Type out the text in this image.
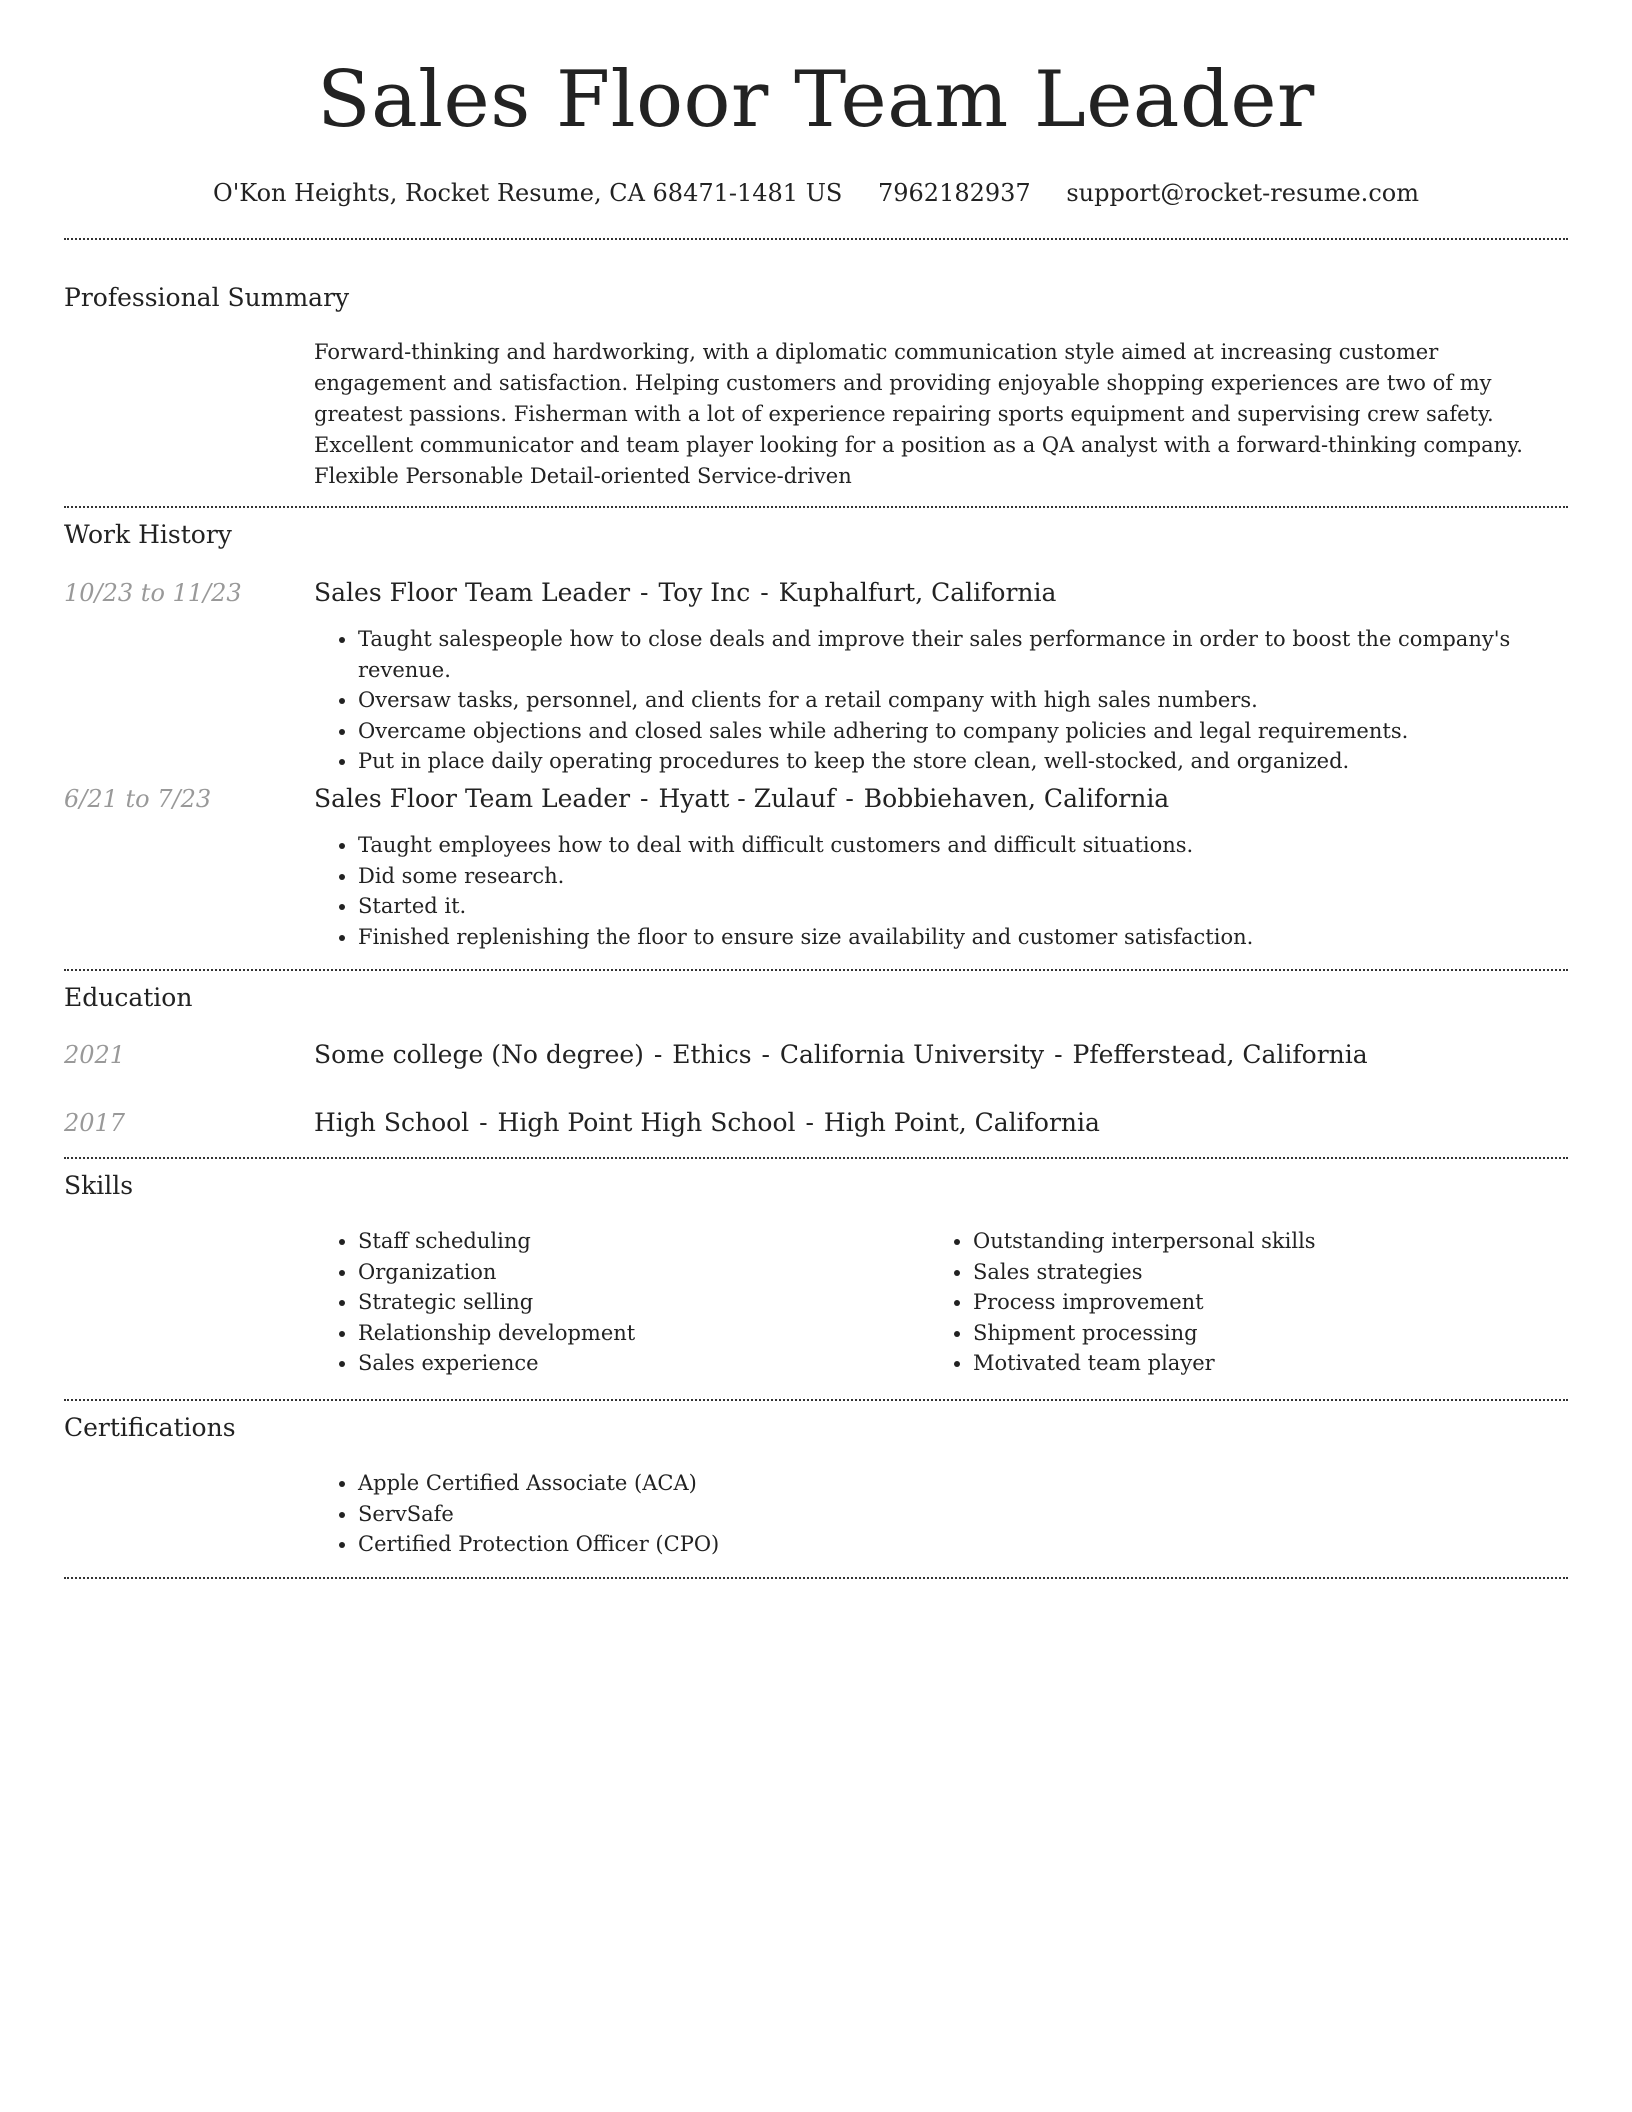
Sales Floor Team Leader
O'Kon Heights, Rocket Resume, CA 68471-1481 US 7962182937 support@rocket-resume.com
Professional Summary

Forward-thinking and hardworking, with a diplomatic communication style aimed at increasing customer engagement and satisfaction. Helping customers and providing enjoyable shopping experiences are two of my greatest passions. Fisherman with a lot of experience repairing sports equipment and supervising crew safety. Excellent communicator and team player looking for a position as a QA analyst with a forward-thinking company. Flexible Personable Detail-oriented Service-driven

Work History
10/23 to 11/23	Sales Floor Team Leader - Toy Inc - Kuphalfurt, California

• Taught salespeople how to close deals and improve their sales performance in order to boost the company's revenue.
• Oversaw tasks, personnel, and clients for a retail company with high sales numbers.
• Overcame objections and closed sales while adhering to company policies and legal requirements.
• Put in place daily operating procedures to keep the store clean, well-stocked, and organized.
6/21 to 7/23	Sales Floor Team Leader - Hyatt - Zulauf - Bobbiehaven, California

• Taught employees how to deal with difficult customers and difficult situations.
• Did some research.
• Started it.
• Finished replenishing the floor to ensure size availability and customer satisfaction.
Education
2021	Some college (No degree) - Ethics - California University - Pfefferstead, California

2017	High School - High Point High School - High Point, California

Skills
• Staff scheduling
• Organization
• Strategic selling
• Relationship development
• Sales experience
• Outstanding interpersonal skills
• Sales strategies
• Process improvement
• Shipment processing
• Motivated team player
Certifications
• Apple Certified Associate (ACA)
• ServSafe
• Certified Protection Officer (CPO)
